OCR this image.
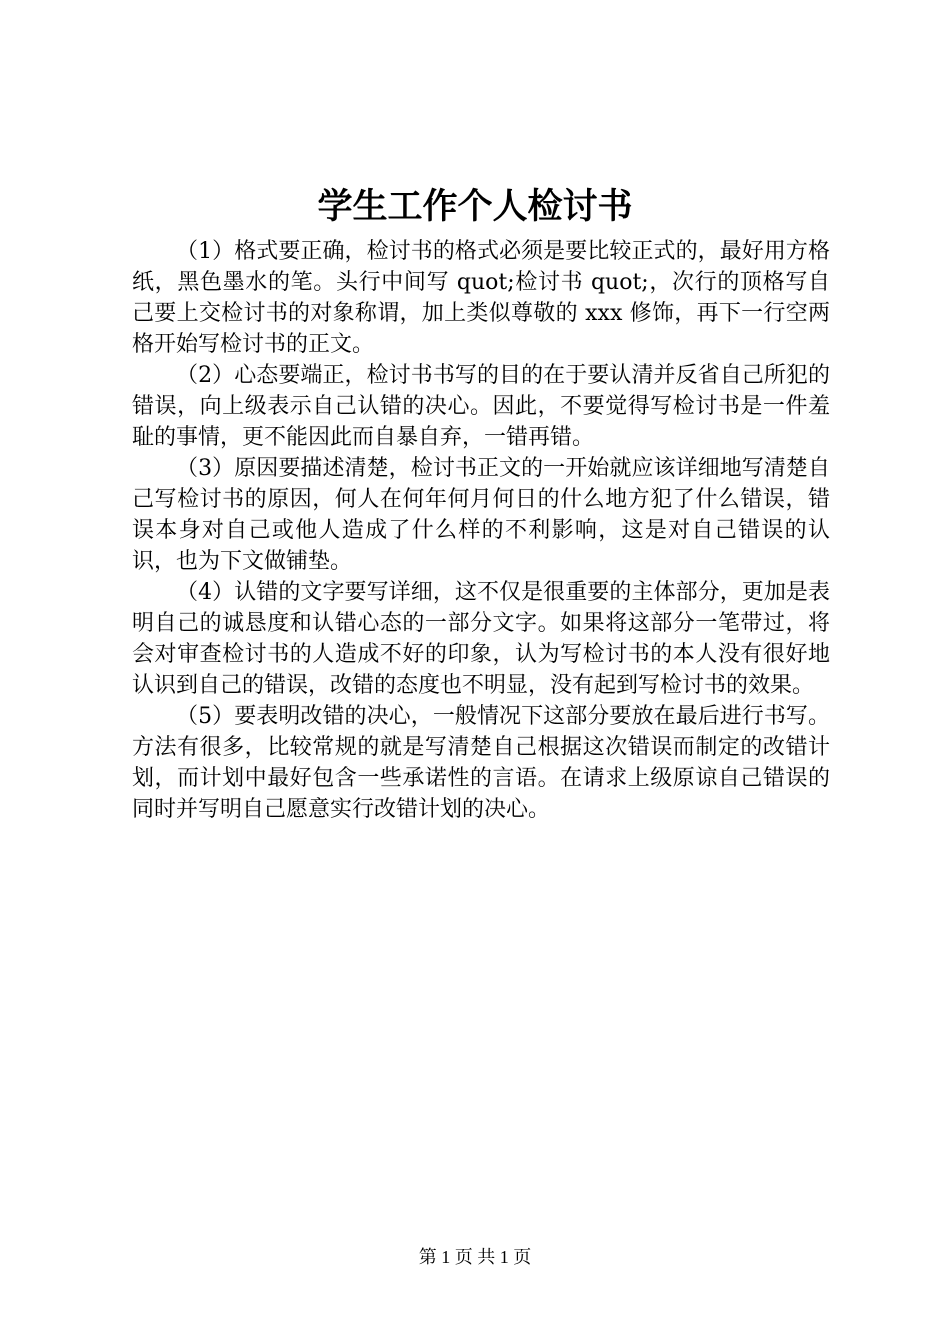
学生工作个人检讨书

（1）格式要正确，检讨书的格式必须是要比较正式的，最好用方格纸，黑色墨水的笔。头行中间写 quot;检讨书 quot;，次行的顶格写自己要上交检讨书的对象称谓，加上类似尊敬的 xxx 修饰，再下一行空两格开始写检讨书的正文。

（2）心态要端正，检讨书书写的目的在于要认清并反省自己所犯的错误，向上级表示自己认错的决心。因此，不要觉得写检讨书是一件羞耻的事情，更不能因此而自暴自弃，一错再错。

（3）原因要描述清楚，检讨书正文的一开始就应该详细地写清楚自己写检讨书的原因，何人在何年何月何日的什么地方犯了什么错误，错误本身对自己或他人造成了什么样的不利影响，这是对自己错误的认识，也为下文做铺垫。

（4）认错的文字要写详细，这不仅是很重要的主体部分，更加是表明自己的诚恳度和认错心态的一部分文字。如果将这部分一笔带过，将会对审查检讨书的人造成不好的印象，认为写检讨书的本人没有很好地认识到自己的错误，改错的态度也不明显，没有起到写检讨书的效果。

（5）要表明改错的决心，一般情况下这部分要放在最后进行书写。方法有很多，比较常规的就是写清楚自己根据这次错误而制定的改错计划，而计划中最好包含一些承诺性的言语。在请求上级原谅自己错误的同时并写明自己愿意实行改错计划的决心。

第 1 页 共 1 页
